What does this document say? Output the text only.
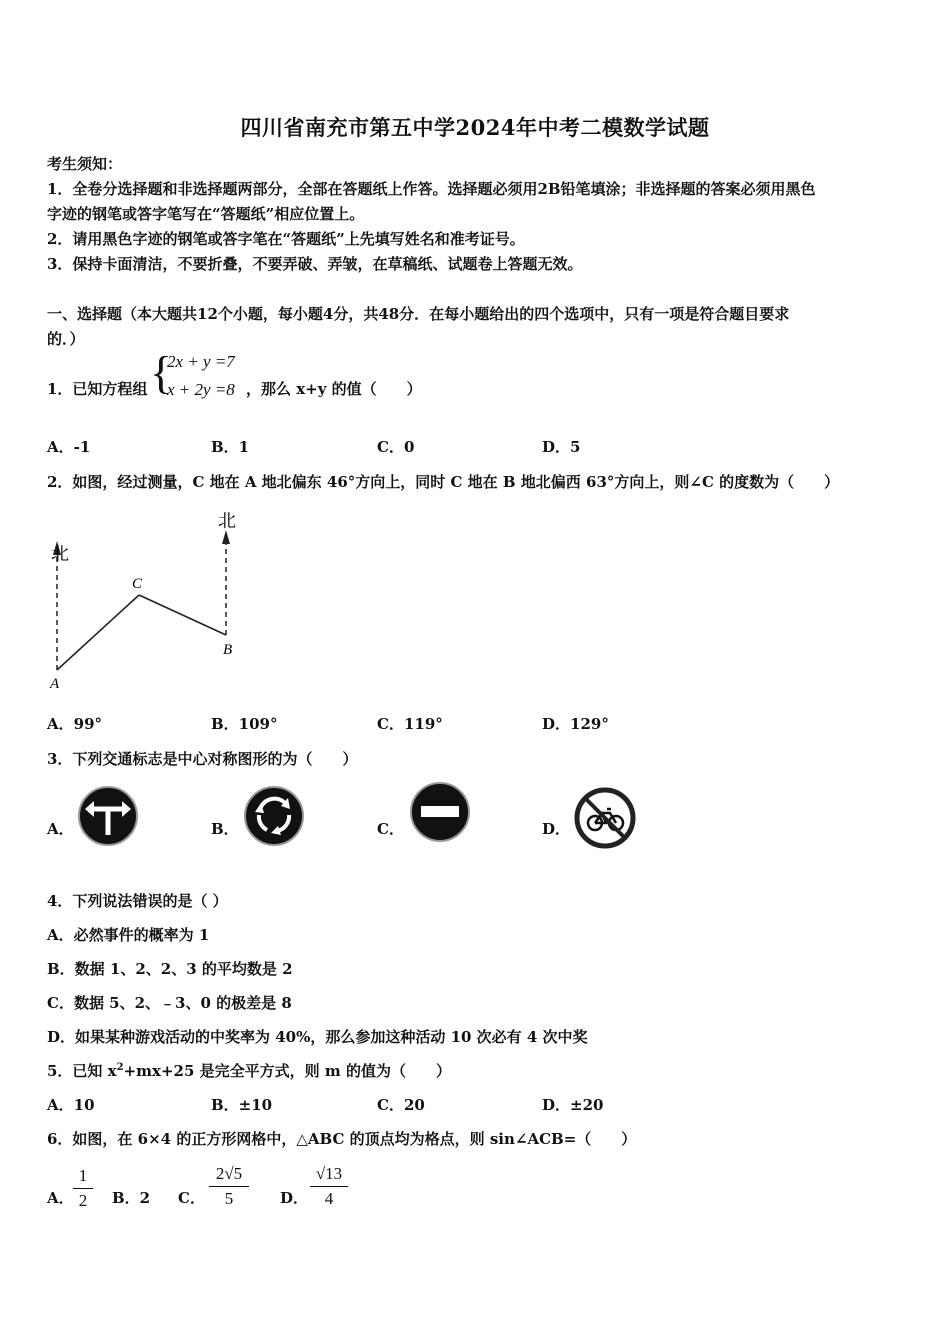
四川省南充市第五中学2024年中考二模数学试题
考生须知：
1．全卷分选择题和非选择题两部分，全部在答题纸上作答。选择题必须用2B铅笔填涂；非选择题的答案必须用黑色
字迹的钢笔或答字笔写在“答题纸”相应位置上。
2．请用黑色字迹的钢笔或答字笔在“答题纸”上先填写姓名和准考证号。
3．保持卡面清洁，不要折叠，不要弄破、弄皱，在草稿纸、试题卷上答题无效。
一、选择题（本大题共12个小题，每小题4分，共48分．在每小题给出的四个选项中，只有一项是符合题目要求
的．）
1．已知方程组 {
2x + y =7
x + 2y =8 ，那么 x+y 的值（　　）
A．-1	B．1	C．0	D．5
2．如图，经过测量，C 地在 A 地北偏东 46°方向上，同时 C 地在 B 地北偏西 63°方向上，则∠C 的度数为（　　）
北
北
A
C
B
A．99°	B．109°	C．119°	D．129°
3．下列交通标志是中心对称图形的为（　　）
A．	B．	C．	D．
4．下列说法错误的是（ ）
A．必然事件的概率为 1
B．数据 1、2、2、3 的平均数是 2
C．数据 5、2、﹣3、0 的极差是 8
D．如果某种游戏活动的中奖率为 40%，那么参加这种活动 10 次必有 4 次中奖
5．已知 $x^2+mx+25$ 是完全平方式，则 m 的值为（　　）
A．10	B．±10	C．20	D．±20
6．如图，在 6×4 的正方形网格中，△ABC 的顶点均为格点，则 sin∠ACB=（　　）
A．
1
2	B．2 C．
2√5
5	D．
√13
4
